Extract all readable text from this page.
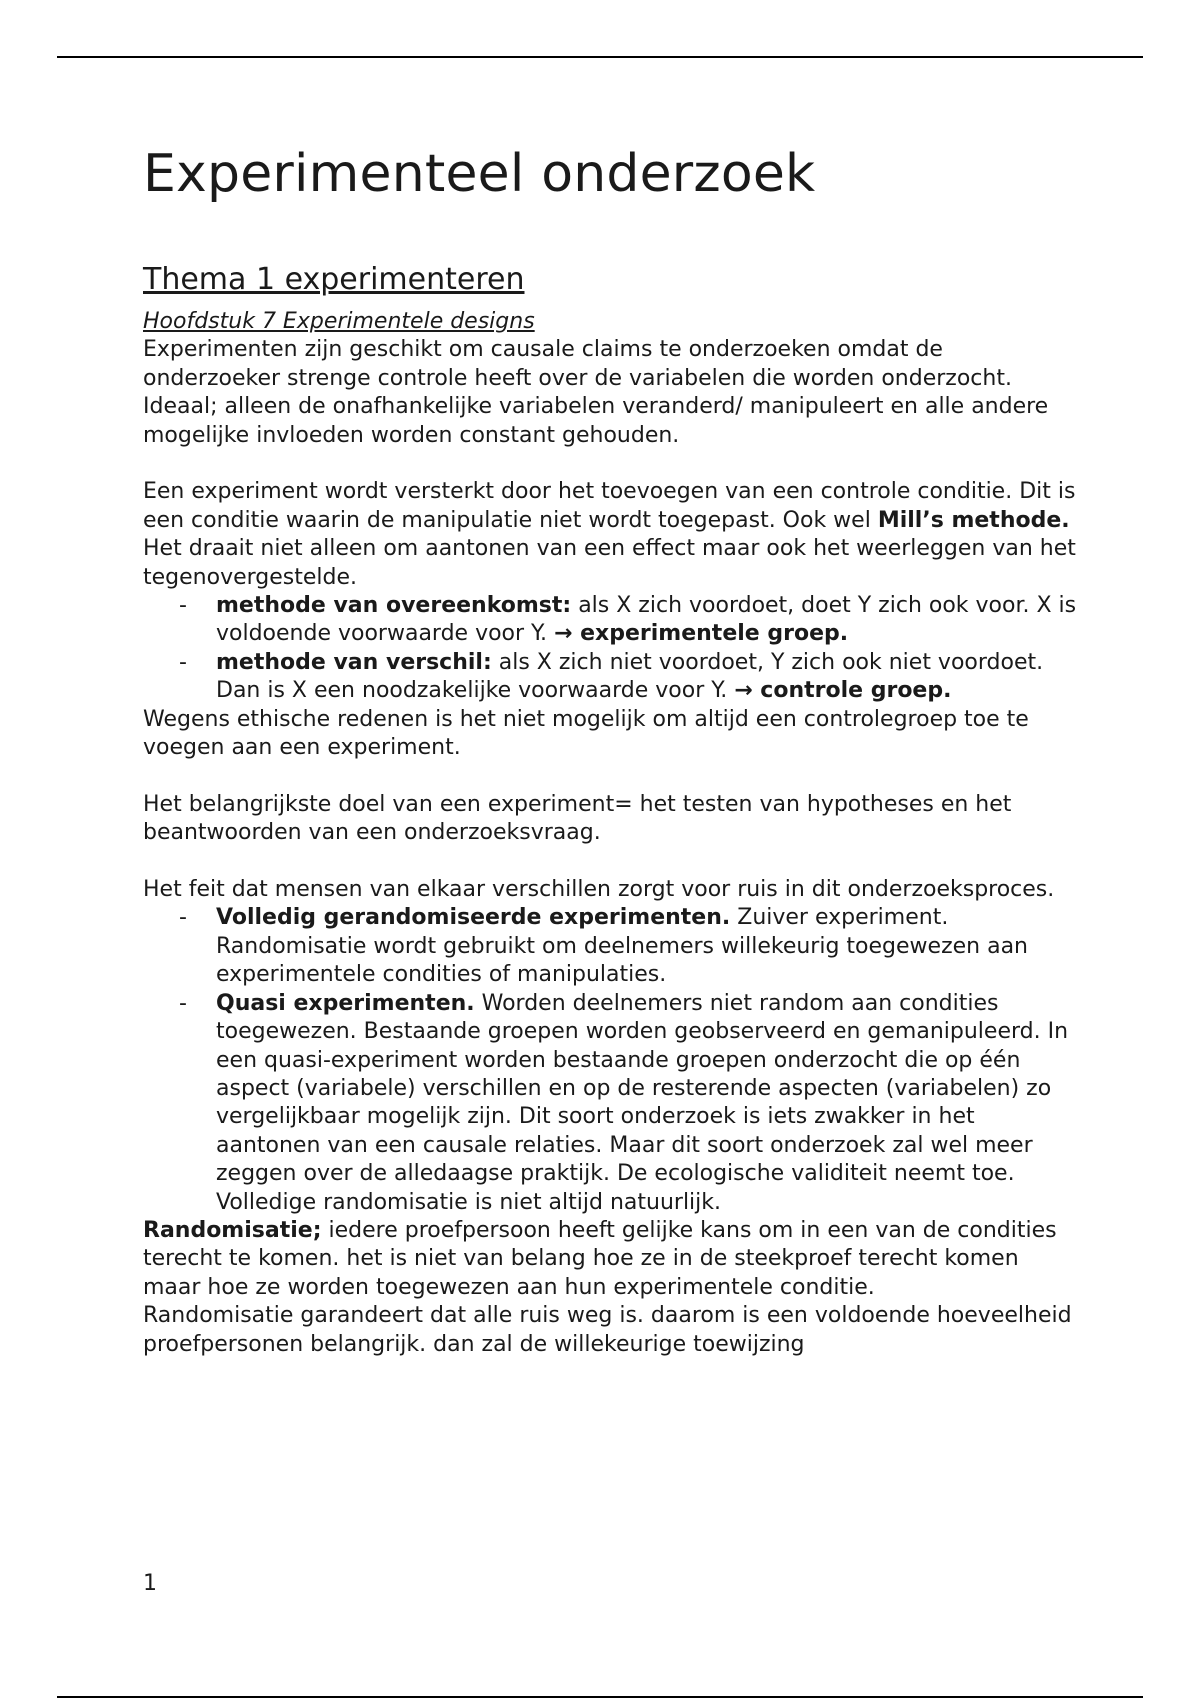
Experimenteel onderzoek
Thema 1 experimenteren
Hoofdstuk 7 Experimentele designs

Experimenten zijn geschikt om causale claims te onderzoeken omdat de onderzoeker strenge controle heeft over de variabelen die worden onderzocht. Ideaal; alleen de onafhankelijke variabelen veranderd/ manipuleert en alle andere mogelijke invloeden worden constant gehouden.

Een experiment wordt versterkt door het toevoegen van een controle conditie. Dit is een conditie waarin de manipulatie niet wordt toegepast. Ook wel Mill’s methode. Het draait niet alleen om aantonen van een effect maar ook het weerleggen van het tegenovergestelde.

- methode van overeenkomst: als X zich voordoet, doet Y zich ook voor. X is voldoende voorwaarde voor Y. → experimentele groep.
- methode van verschil: als X zich niet voordoet, Y zich ook niet voordoet. Dan is X een noodzakelijke voorwaarde voor Y. → controle groep.

Wegens ethische redenen is het niet mogelijk om altijd een controlegroep toe te voegen aan een experiment.

Het belangrijkste doel van een experiment= het testen van hypotheses en het beantwoorden van een onderzoeksvraag.

Het feit dat mensen van elkaar verschillen zorgt voor ruis in dit onderzoeksproces.

- Volledig gerandomiseerde experimenten. Zuiver experiment. Randomisatie wordt gebruikt om deelnemers willekeurig toegewezen aan experimentele condities of manipulaties.
- Quasi experimenten. Worden deelnemers niet random aan condities toegewezen. Bestaande groepen worden geobserveerd en gemanipuleerd. In een quasi-experiment worden bestaande groepen onderzocht die op één aspect (variabele) verschillen en op de resterende aspecten (variabelen) zo vergelijkbaar mogelijk zijn. Dit soort onderzoek is iets zwakker in het aantonen van een causale relaties. Maar dit soort onderzoek zal wel meer zeggen over de alledaagse praktijk. De ecologische validiteit neemt toe. Volledige randomisatie is niet altijd natuurlijk.

Randomisatie; iedere proefpersoon heeft gelijke kans om in een van de condities terecht te komen. het is niet van belang hoe ze in de steekproef terecht komen maar hoe ze worden toegewezen aan hun experimentele conditie.

Randomisatie garandeert dat alle ruis weg is. daarom is een voldoende hoeveelheid proefpersonen belangrijk. dan zal de willekeurige toewijzing

1
